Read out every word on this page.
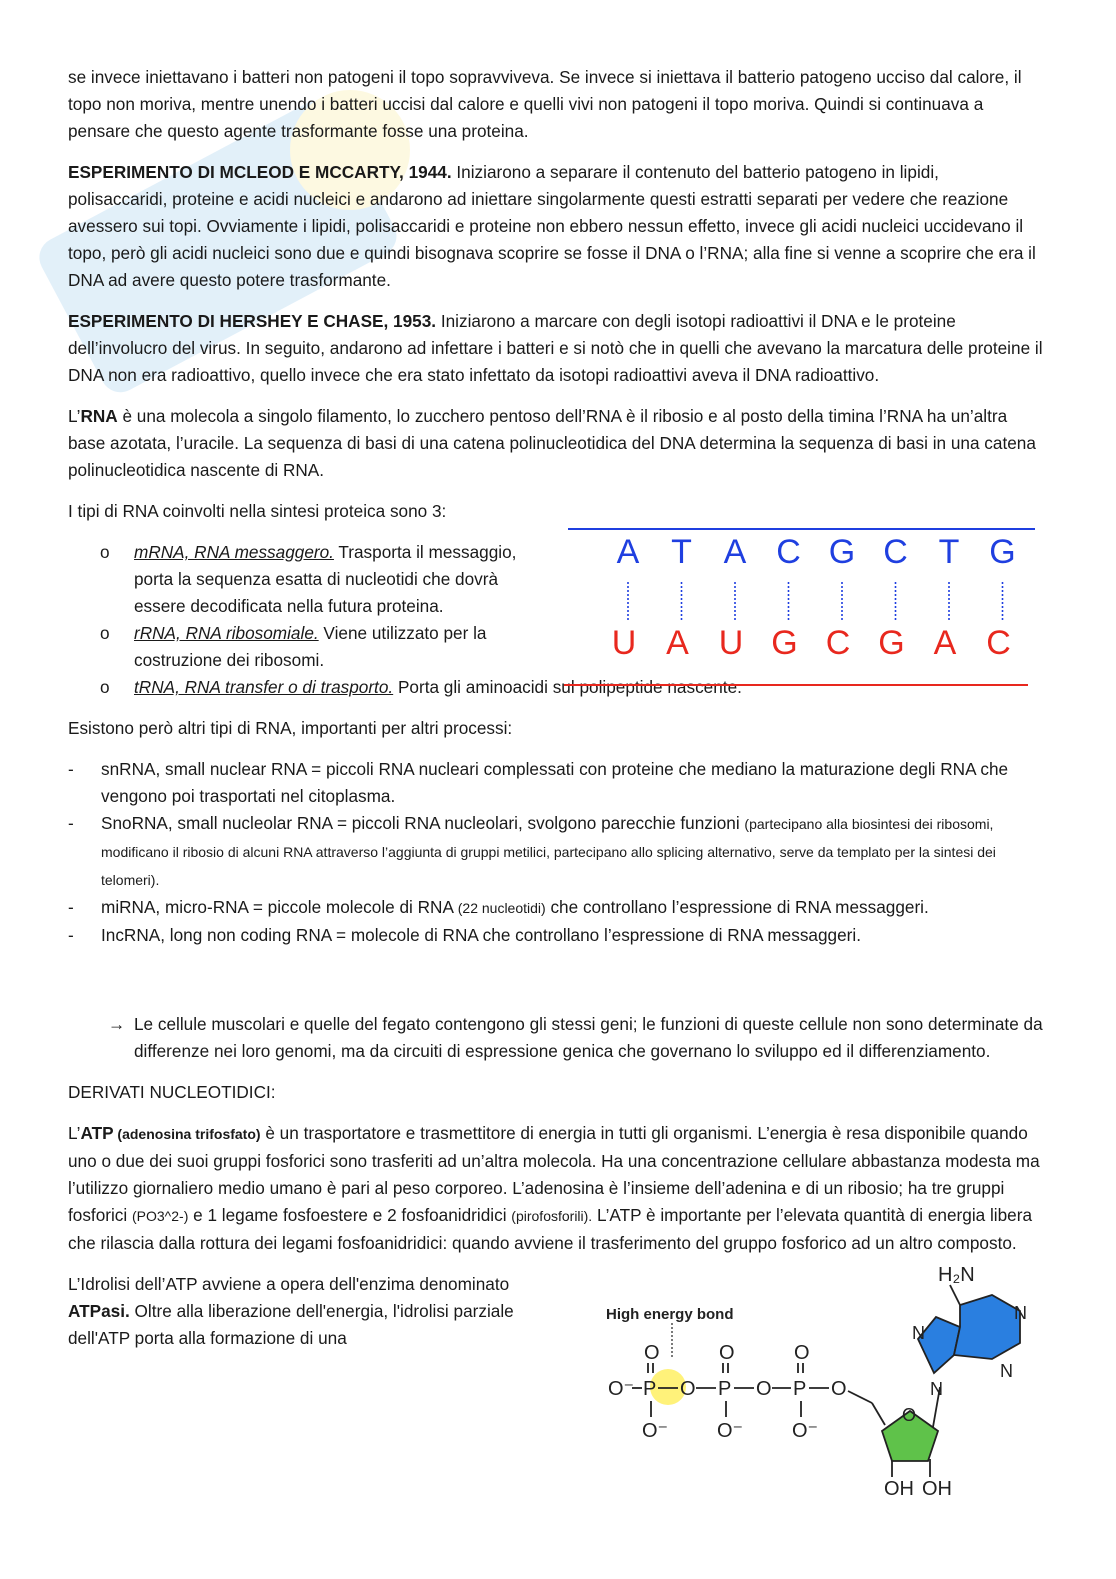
se invece iniettavano i batteri non patogeni il topo sopravviveva. Se invece si iniettava il batterio patogeno ucciso dal calore, il topo non moriva, mentre unendo i batteri uccisi dal calore e quelli vivi non patogeni il topo moriva. Quindi si continuava a pensare che questo agente trasformante fosse una proteina.

ESPERIMENTO DI MCLEOD E MCCARTY, 1944. Iniziarono a separare il contenuto del batterio patogeno in lipidi, polisaccaridi, proteine e acidi nucleici e andarono ad iniettare singolarmente questi estratti separati per vedere che reazione avessero sui topi. Ovviamente i lipidi, polisaccaridi e proteine non ebbero nessun effetto, invece gli acidi nucleici uccidevano il topo, però gli acidi nucleici sono due e quindi bisognava scoprire se fosse il DNA o l’RNA; alla fine si venne a scoprire che era il DNA ad avere questo potere trasformante.

ESPERIMENTO DI HERSHEY E CHASE, 1953. Iniziarono a marcare con degli isotopi radioattivi il DNA e le proteine dell’involucro del virus. In seguito, andarono ad infettare i batteri e si notò che in quelli che avevano la marcatura delle proteine il DNA non era radioattivo, quello invece che era stato infettato da isotopi radioattivi aveva il DNA radioattivo.

L’RNA è una molecola a singolo filamento, lo zucchero pentoso dell’RNA è il ribosio e al posto della timina l’RNA ha un’altra base azotata, l’uracile. La sequenza di basi di una catena polinucleotidica del DNA determina la sequenza di basi in una catena polinucleotidica nascente di RNA.

I tipi di RNA coinvolti nella sintesi proteica sono 3:

o mRNA, RNA messaggero. Trasporta il messaggio, porta la sequenza esatta di nucleotidi che dovrà essere decodificata nella futura proteina.
o rRNA, RNA ribosomiale. Viene utilizzato per la costruzione dei ribosomi.
o tRNA, RNA transfer o di trasporto. Porta gli aminoacidi sul polipeptide nascente.

Esistono però altri tipi di RNA, importanti per altri processi:

- snRNA, small nuclear RNA = piccoli RNA nucleari complessati con proteine che mediano la maturazione degli RNA che vengono poi trasportati nel citoplasma.
- SnoRNA, small nucleolar RNA = piccoli RNA nucleolari, svolgono parecchie funzioni (partecipano alla biosintesi dei ribosomi, modificano il ribosio di alcuni RNA attraverso l’aggiunta di gruppi metilici, partecipano allo splicing alternativo, serve da templato per la sintesi dei telomeri).
- miRNA, micro-RNA = piccole molecole di RNA (22 nucleotidi) che controllano l’espressione di RNA messaggeri.
- IncRNA, long non coding RNA = molecole di RNA che controllano l’espressione di RNA messaggeri.
→ Le cellule muscolari e quelle del fegato contengono gli stessi geni; le funzioni di queste cellule non sono determinate da differenze nei loro genomi, ma da circuiti di espressione genica che governano lo sviluppo ed il differenziamento.

DERIVATI NUCLEOTIDICI:

L’ATP (adenosina trifosfato) è un trasportatore e trasmettitore di energia in tutti gli organismi. L’energia è resa disponibile quando uno o due dei suoi gruppi fosforici sono trasferiti ad un’altra molecola. Ha una concentrazione cellulare abbastanza modesta ma l’utilizzo giornaliero medio umano è pari al peso corporeo. L’adenosina è l’insieme dell’adenina e di un ribosio; ha tre gruppi fosforici (PO3^2-) e 1 legame fosfoestere e 2 fosfoanidridici (pirofosforili). L’ATP è importante per l’elevata quantità di energia libera che rilascia dalla rottura dei legami fosfoanidridici: quando avviene il trasferimento del gruppo fosforico ad un altro composto.

L’Idrolisi dell’ATP avviene a opera dell'enzima denominato ATPasi. Oltre alla liberazione dell'energia, l'idrolisi parziale dell'ATP porta alla formazione di una

A
U
T
A
A
U
C
G
G
C
C
G
T
A
G
C
High energy bond
O⁻ P O P O P O
O	O	O
O⁻ O⁻ O⁻
H₂N
OH OH
O
N
N
N
N
